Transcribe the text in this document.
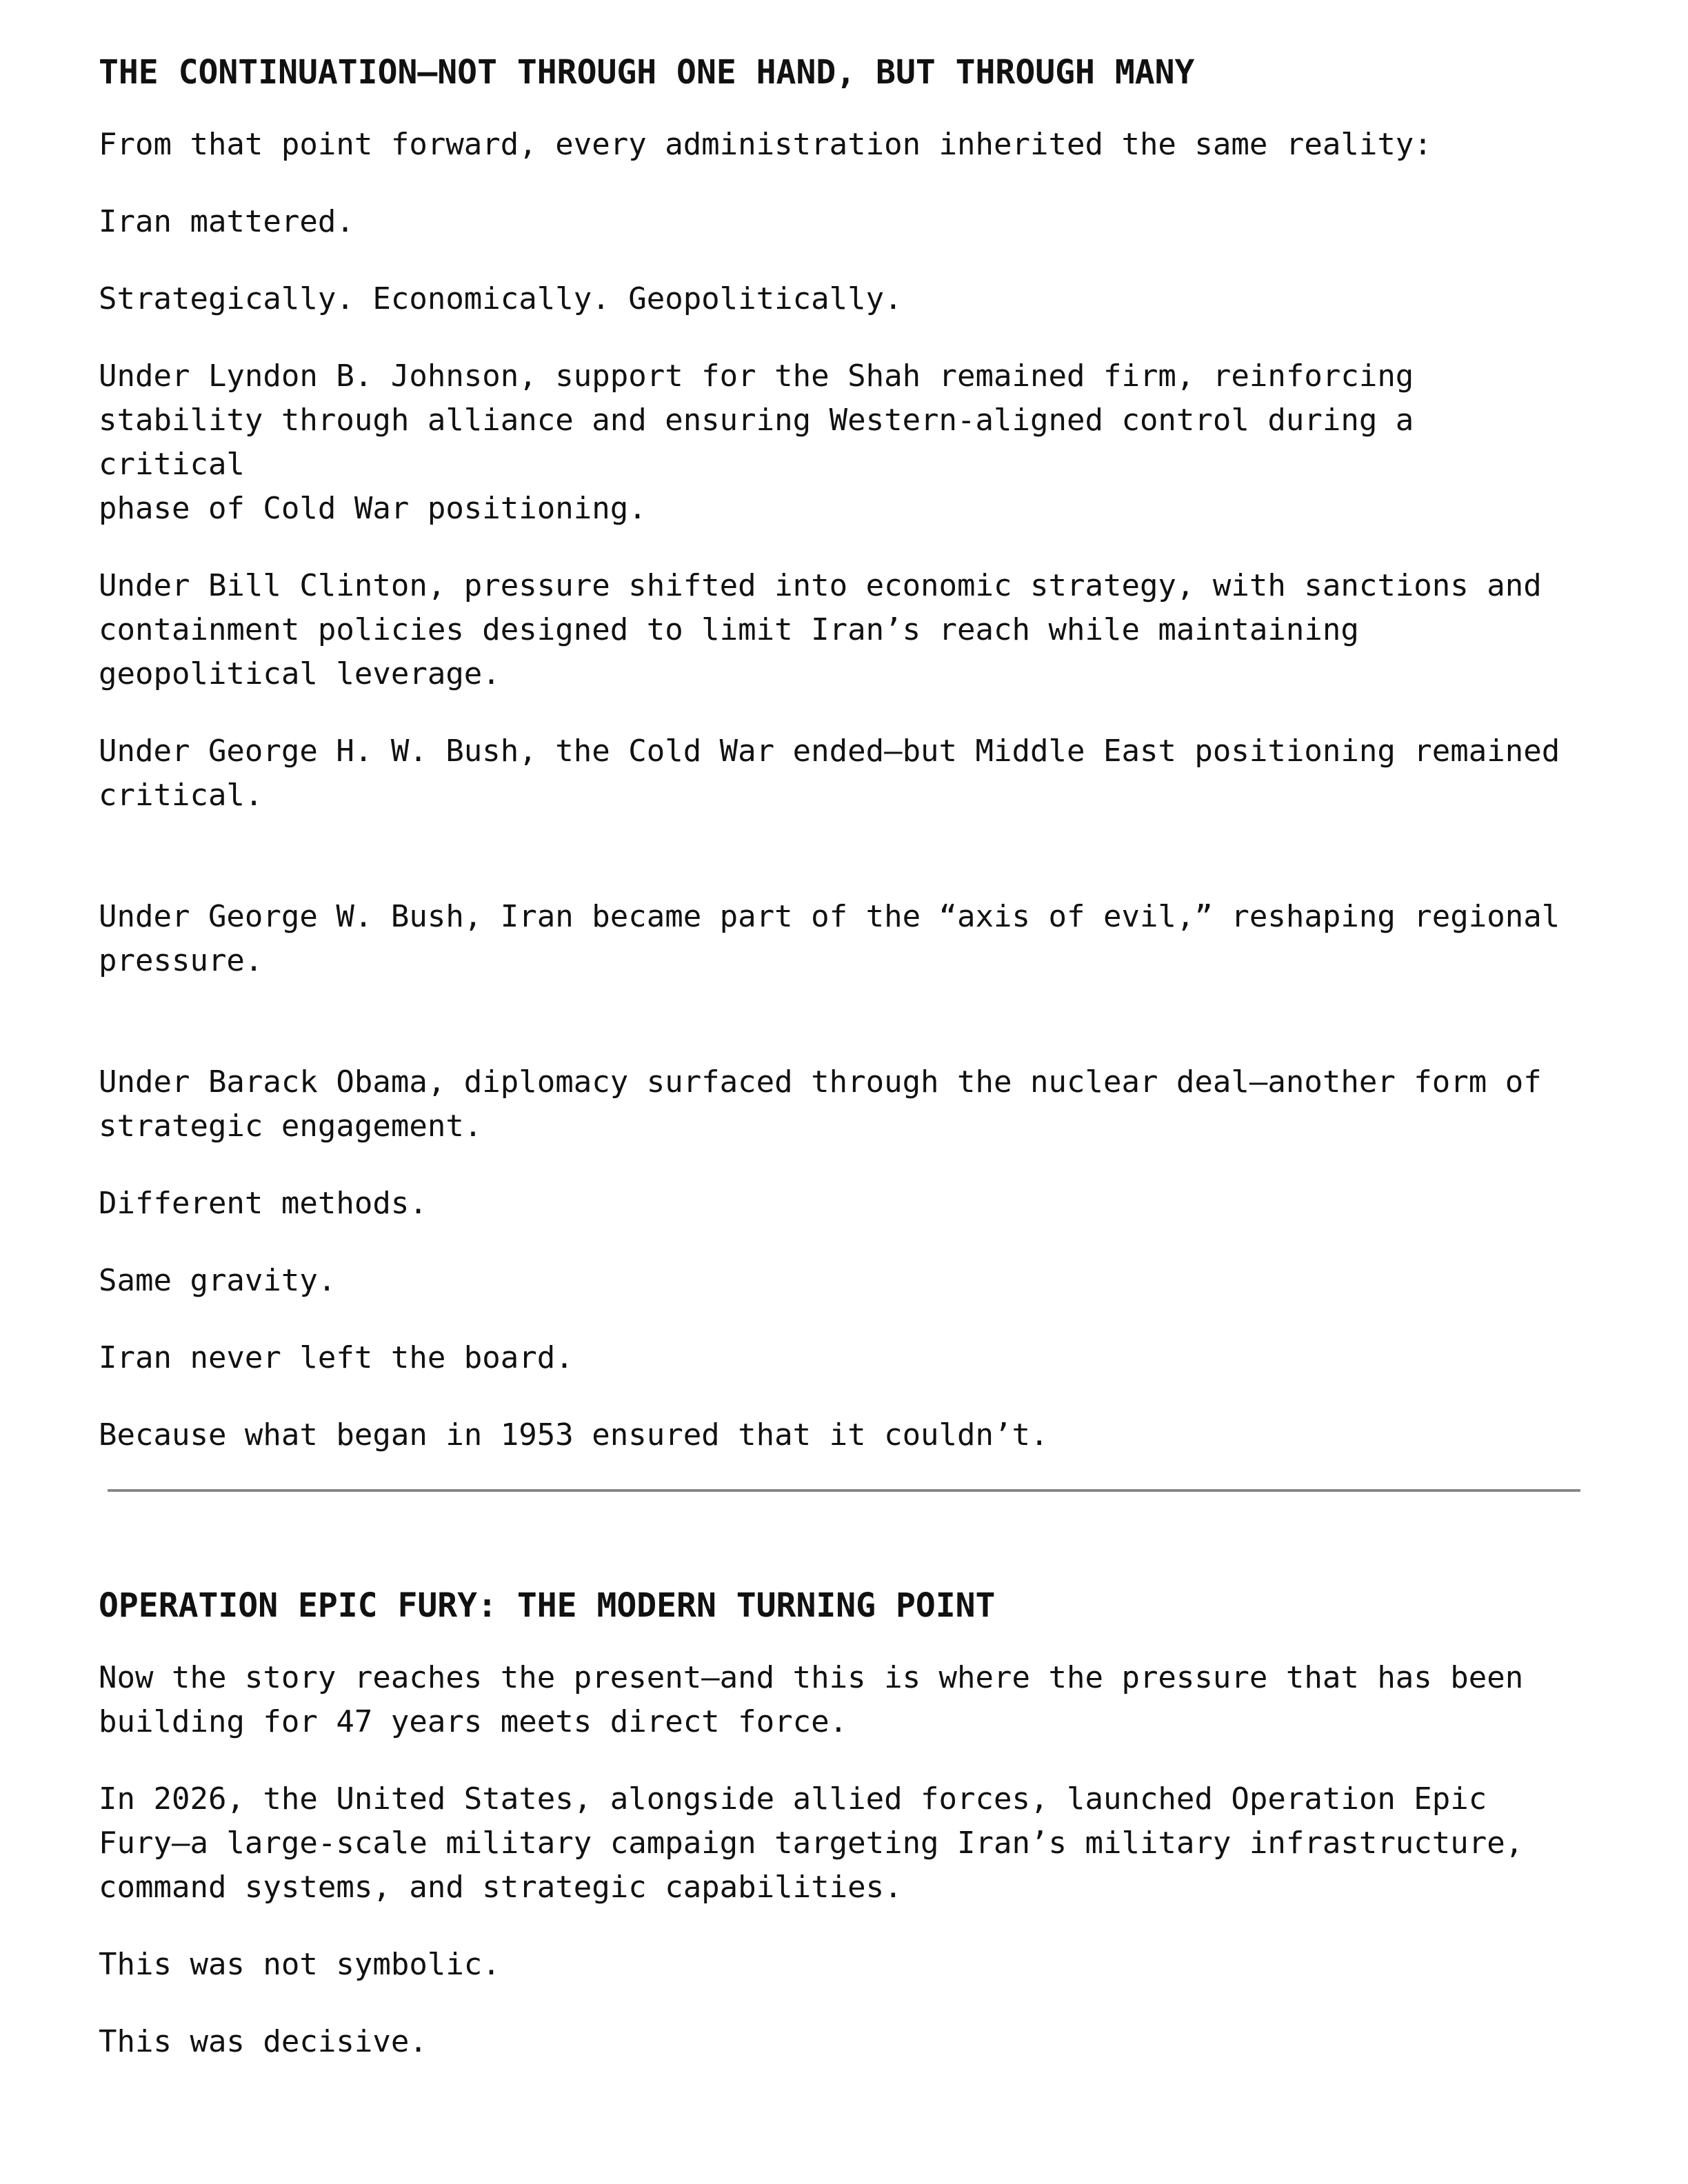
THE CONTINUATION—NOT THROUGH ONE HAND, BUT THROUGH MANY

From that point forward, every administration inherited the same reality:

Iran mattered.

Strategically. Economically. Geopolitically.

Under Lyndon B. Johnson, support for the Shah remained firm, reinforcing
stability through alliance and ensuring Western-aligned control during a critical
phase of Cold War positioning.

Under Bill Clinton, pressure shifted into economic strategy, with sanctions and
containment policies designed to limit Iran’s reach while maintaining
geopolitical leverage.

Under George H. W. Bush, the Cold War ended—but Middle East positioning remained
critical.

Under George W. Bush, Iran became part of the “axis of evil,” reshaping regional
pressure.

Under Barack Obama, diplomacy surfaced through the nuclear deal—another form of
strategic engagement.

Different methods.

Same gravity.

Iran never left the board.

Because what began in 1953 ensured that it couldn’t.

OPERATION EPIC FURY: THE MODERN TURNING POINT

Now the story reaches the present—and this is where the pressure that has been
building for 47 years meets direct force.

In 2026, the United States, alongside allied forces, launched Operation Epic
Fury—a large-scale military campaign targeting Iran’s military infrastructure,
command systems, and strategic capabilities.

This was not symbolic.

This was decisive.
